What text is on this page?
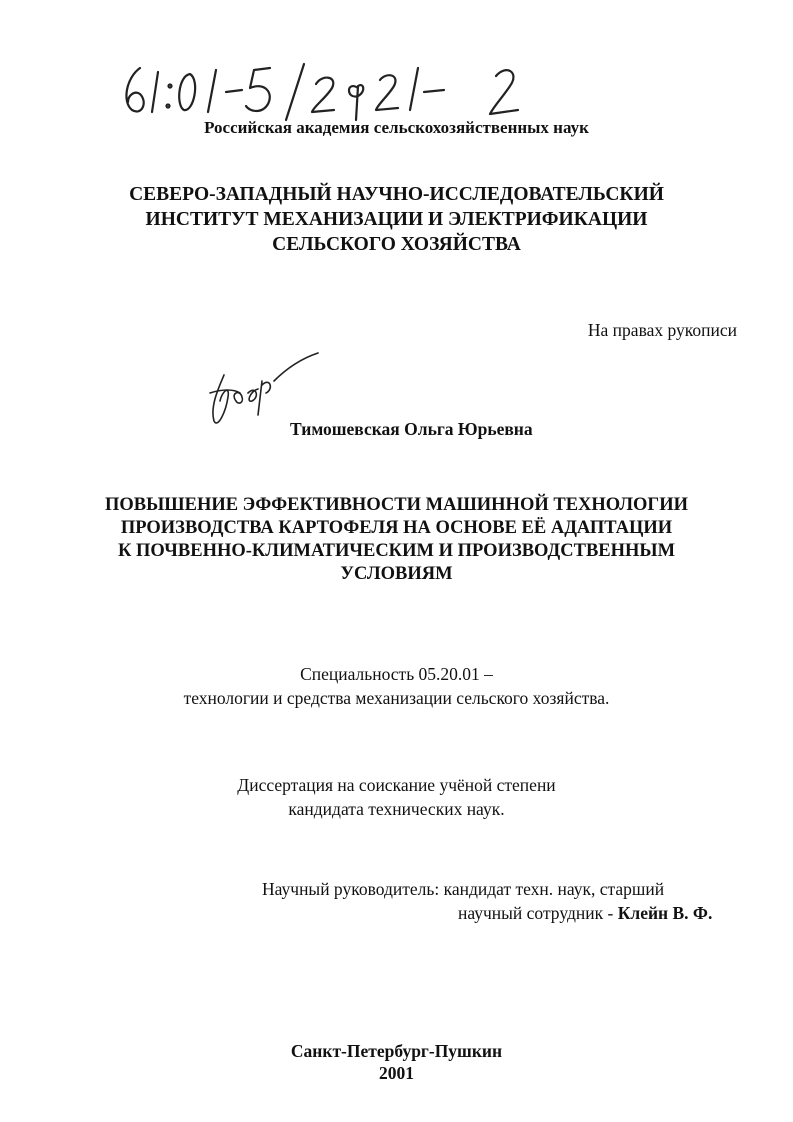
Российская академия сельскохозяйственных наук
СЕВЕРО-ЗАПАДНЫЙ НАУЧНО-ИССЛЕДОВАТЕЛЬСКИЙ
ИНСТИТУТ МЕХАНИЗАЦИИ И ЭЛЕКТРИФИКАЦИИ
СЕЛЬСКОГО ХОЗЯЙСТВА
На правах рукописи
Тимошевская Ольга Юрьевна
ПОВЫШЕНИЕ ЭФФЕКТИВНОСТИ МАШИННОЙ ТЕХНОЛОГИИ
ПРОИЗВОДСТВА КАРТОФЕЛЯ НА ОСНОВЕ ЕЁ АДАПТАЦИИ
К ПОЧВЕННО-КЛИМАТИЧЕСКИМ И ПРОИЗВОДСТВЕННЫМ
УСЛОВИЯМ
Специальность 05.20.01 –
технологии и средства механизации сельского хозяйства.
Диссертация на соискание учёной степени
кандидата технических наук.
Научный руководитель: кандидат техн. наук, старший
научный сотрудник - Клейн В. Ф.
Санкт-Петербург-Пушкин
2001
